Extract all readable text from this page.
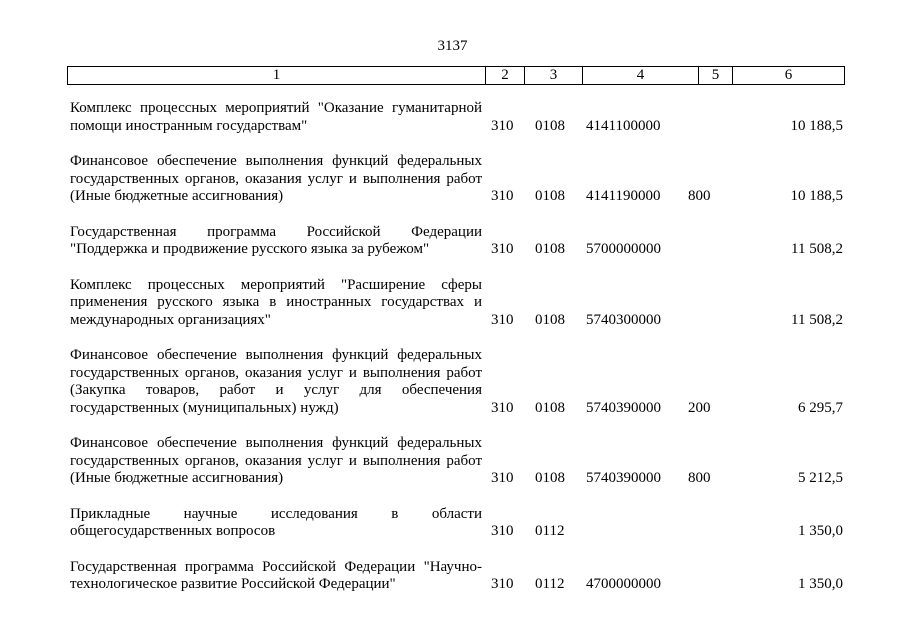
3137
1	2	3	4	5	6
Комплекс процессных мероприятий "Оказание гуманитарной
помощи иностранным государствам"	310 0108 4141100000	10 188,5
Финансовое обеспечение выполнения функций федеральных
государственных органов, оказания услуг и выполнения работ
(Иные бюджетные ассигнования)	310 0108 4141190000 800	10 188,5
Государственная программа Российской Федерации
"Поддержка и продвижение русского языка за рубежом"	310 0108 5700000000	11 508,2
Комплекс процессных мероприятий "Расширение сферы
применения русского языка в иностранных государствах и
международных организациях"	310 0108 5740300000	11 508,2
Финансовое обеспечение выполнения функций федеральных
государственных органов, оказания услуг и выполнения работ
(Закупка товаров, работ и услуг для обеспечения
государственных (муниципальных) нужд)	310 0108 5740390000 200	6 295,7
Финансовое обеспечение выполнения функций федеральных
государственных органов, оказания услуг и выполнения работ
(Иные бюджетные ассигнования)	310 0108 5740390000 800	5 212,5
Прикладные научные исследования в области
общегосударственных вопросов	310 0112	1 350,0
Государственная программа Российской Федерации "Научно-
технологическое развитие Российской Федерации"	310 0112 4700000000	1 350,0
